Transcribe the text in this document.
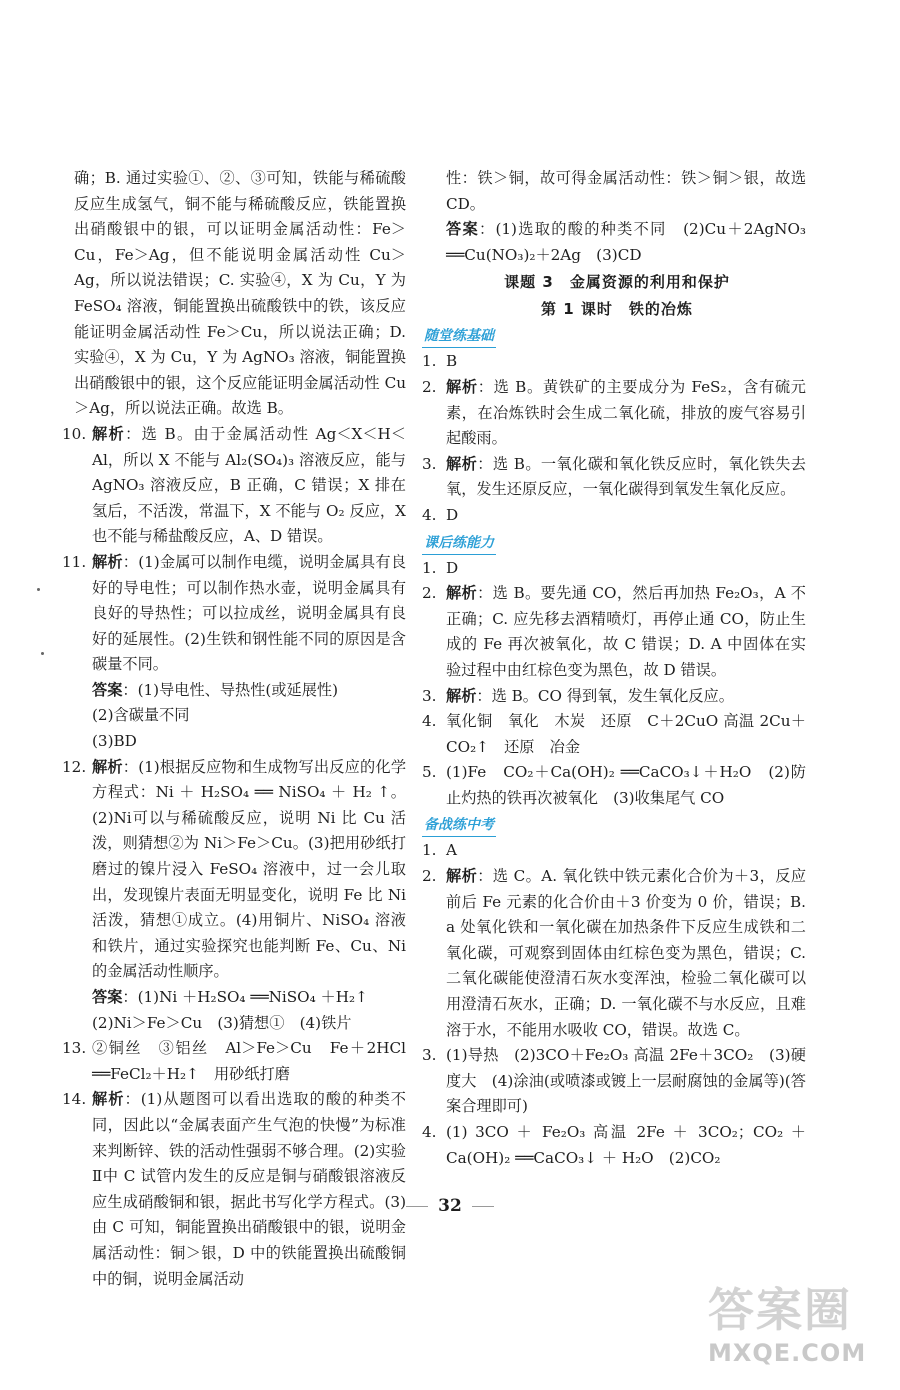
确；B. 通过实验①、②、③可知，铁能与稀硫酸反应生成氢气，铜不能与稀硫酸反应，铁能置换出硝酸银中的银，可以证明金属活动性：Fe＞Cu，Fe＞Ag，但不能说明金属活动性 Cu＞Ag，所以说法错误；C. 实验④，X 为 Cu，Y 为 FeSO₄ 溶液，铜能置换出硫酸铁中的铁，该反应能证明金属活动性 Fe＞Cu，所以说法正确；D. 实验④，X 为 Cu，Y 为 AgNO₃ 溶液，铜能置换出硝酸银中的银，这个反应能证明金属活动性 Cu＞Ag，所以说法正确。故选 B。

10. 解析：选 B。由于金属活动性 Ag＜X＜H＜Al，所以 X 不能与 Al₂(SO₄)₃ 溶液反应，能与 AgNO₃ 溶液反应，B 正确，C 错误；X 排在氢后，不活泼，常温下，X 不能与 O₂ 反应，X 也不能与稀盐酸反应，A、D 错误。

11. 解析：(1)金属可以制作电缆，说明金属具有良好的导电性；可以制作热水壶，说明金属具有良好的导热性；可以拉成丝，说明金属具有良好的延展性。(2)生铁和钢性能不同的原因是含碳量不同。

答案：(1)导电性、导热性(或延展性)

(2)含碳量不同

(3)BD

12. 解析：(1)根据反应物和生成物写出反应的化学方程式：Ni ＋ H₂SO₄ ══ NiSO₄ ＋ H₂ ↑。(2)Ni可以与稀硫酸反应，说明 Ni 比 Cu 活泼，则猜想②为 Ni＞Fe＞Cu。(3)把用砂纸打磨过的镍片浸入 FeSO₄ 溶液中，过一会儿取出，发现镍片表面无明显变化，说明 Fe 比 Ni 活泼，猜想①成立。(4)用铜片、NiSO₄ 溶液和铁片，通过实验探究也能判断 Fe、Cu、Ni 的金属活动性顺序。

答案：(1)Ni ＋H₂SO₄ ══NiSO₄ ＋H₂↑

(2)Ni＞Fe＞Cu　(3)猜想①　(4)铁片

13. ②铜丝　③铝丝　Al＞Fe＞Cu　Fe＋2HCl ══FeCl₂＋H₂↑　用砂纸打磨

14. 解析：(1)从题图可以看出选取的酸的种类不同，因此以“金属表面产生气泡的快慢”为标准来判断锌、铁的活动性强弱不够合理。(2)实验Ⅱ中 C 试管内发生的反应是铜与硝酸银溶液反应生成硝酸铜和银，据此书写化学方程式。(3)由 C 可知，铜能置换出硝酸银中的银，说明金属活动性：铜＞银，D 中的铁能置换出硫酸铜中的铜，说明金属活动

性：铁＞铜，故可得金属活动性：铁＞铜＞银，故选 CD。

答案：(1)选取的酸的种类不同　(2)Cu＋2AgNO₃ ══Cu(NO₃)₂＋2Ag　(3)CD

课题 3　金属资源的利用和保护

第 1 课时　铁的冶炼

随堂练基础

1. B

2. 解析：选 B。黄铁矿的主要成分为 FeS₂，含有硫元素，在冶炼铁时会生成二氧化硫，排放的废气容易引起酸雨。

3. 解析：选 B。一氧化碳和氧化铁反应时，氧化铁失去氧，发生还原反应，一氧化碳得到氧发生氧化反应。

4. D

课后练能力

1. D

2. 解析：选 B。要先通 CO，然后再加热 Fe₂O₃，A 不正确；C. 应先移去酒精喷灯，再停止通 CO，防止生成的 Fe 再次被氧化，故 C 错误；D. A 中固体在实验过程中由红棕色变为黑色，故 D 错误。

3. 解析：选 B。CO 得到氧，发生氧化反应。

4. 氧化铜　氧化　木炭　还原　C＋2CuO 高温 2Cu＋CO₂↑　还原　冶金

5. (1)Fe　CO₂＋Ca(OH)₂ ══CaCO₃↓＋H₂O　(2)防止灼热的铁再次被氧化　(3)收集尾气 CO

备战练中考

1. A

2. 解析：选 C。A. 氧化铁中铁元素化合价为＋3，反应前后 Fe 元素的化合价由＋3 价变为 0 价，错误；B. a 处氧化铁和一氧化碳在加热条件下反应生成铁和二氧化碳，可观察到固体由红棕色变为黑色，错误；C. 二氧化碳能使澄清石灰水变浑浊，检验二氧化碳可以用澄清石灰水，正确；D. 一氧化碳不与水反应，且难溶于水，不能用水吸收 CO，错误。故选 C。

3. (1)导热　(2)3CO＋Fe₂O₃ 高温 2Fe＋3CO₂　(3)硬度大　(4)涂油(或喷漆或镀上一层耐腐蚀的金属等)(答案合理即可)

4. (1) 3CO ＋ Fe₂O₃ 高温 2Fe ＋ 3CO₂；CO₂ ＋ Ca(OH)₂ ══CaCO₃↓ ＋ H₂O　(2)CO₂

32
答案圈
MXQE.COM
